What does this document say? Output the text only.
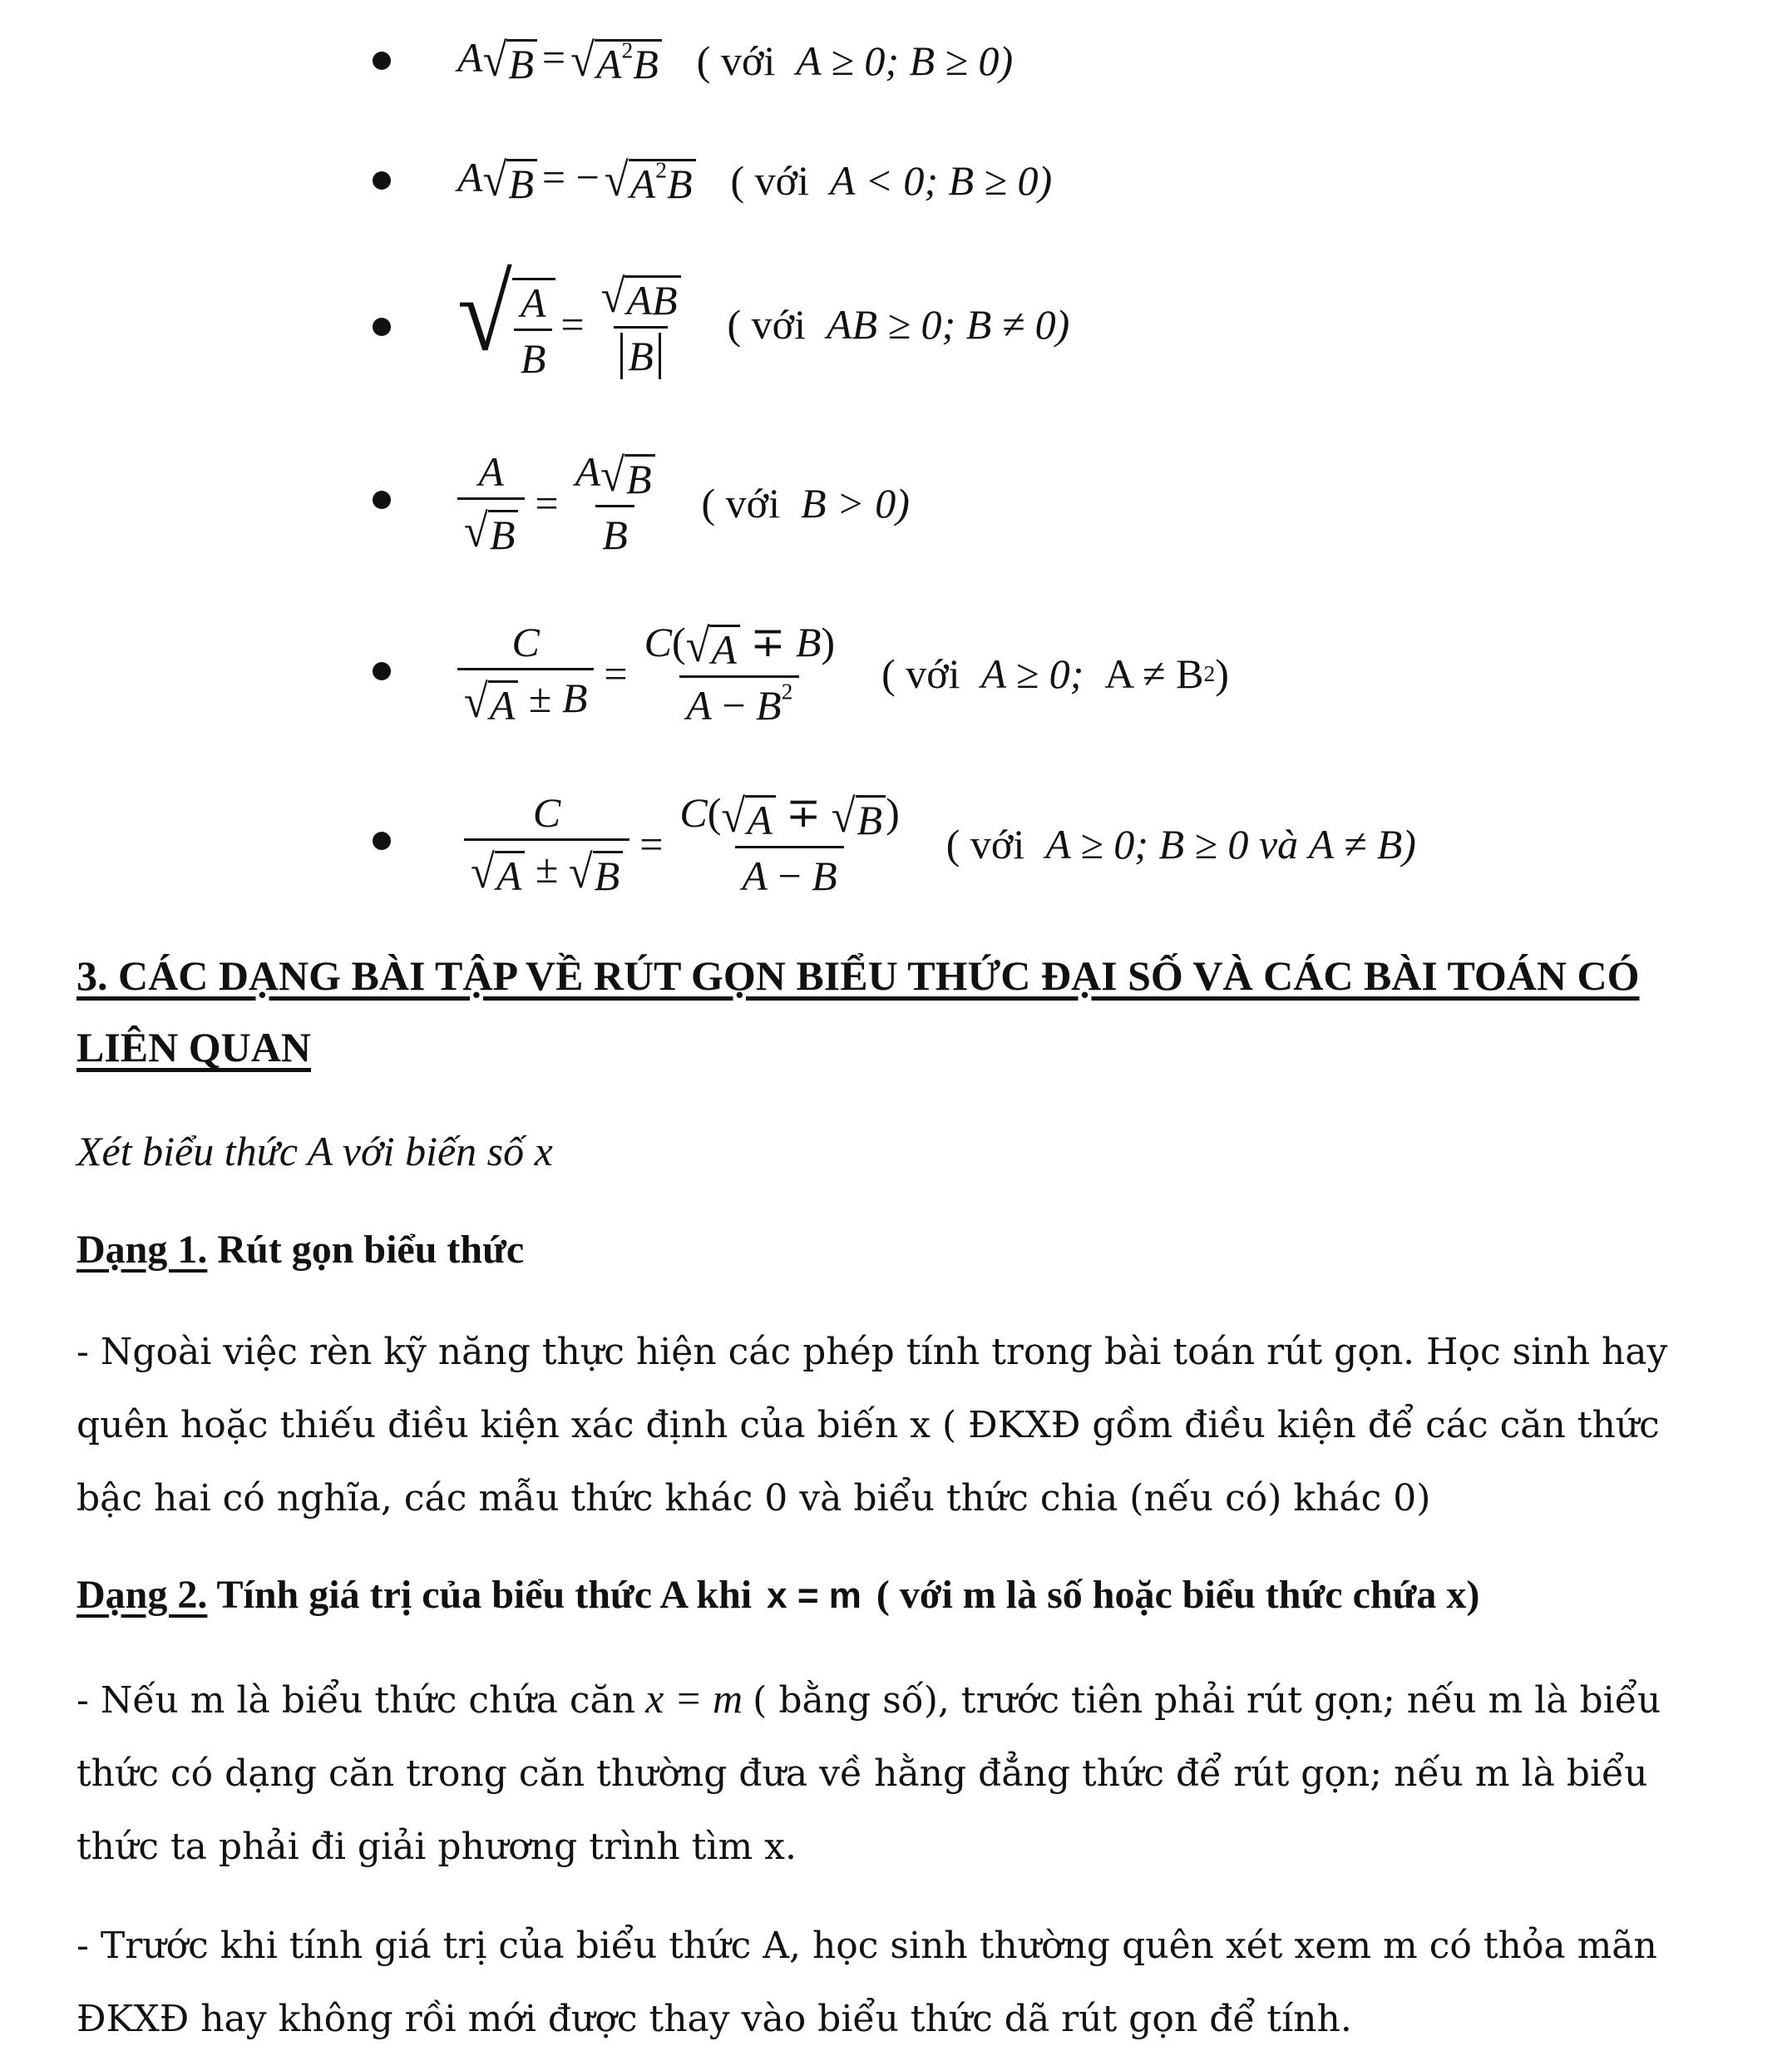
A √ B = √ $A^2B$ ( với
A ≥ 0; B ≥ 0)
A √ B = − √ $A^2B$ ( với
A < 0; B ≥ 0)
√ $\frac{A}{B} = \frac{√ AB}{B}$ ( với
AB ≥ 0; B ≠ 0)
$\frac{A}{√ B} = \frac{A √ B}{B}$ ( với
B > 0)
$\frac{C}{√ A \pm B} = \frac{C( √ A \mp B)}{A - B^2}$ ( với
A ≥ 0;
A ≠ B 2 )
$\frac{C}{√ A \pm √ B} = \frac{C( √ A \mp √ B )}{A - B}$ ( với
A ≥ 0; B ≥ 0
và
A ≠ B)
3. CÁC DẠNG BÀI TẬP VỀ RÚT GỌN BIỂU THỨC ĐẠI SỐ VÀ CÁC BÀI TOÁN CÓ LIÊN QUAN
Xét biểu thức A với biến số x
Dạng 1. Rút gọn biểu thức
- Ngoài việc rèn kỹ năng thực hiện các phép tính trong bài toán rút gọn. Học sinh hay quên hoặc thiếu điều kiện xác định của biến x ( ĐKXĐ gồm điều kiện để các căn thức bậc hai có nghĩa, các mẫu thức khác 0 và biểu thức chia (nếu có) khác 0)
Dạng 2. Tính giá trị của biểu thức A khi x = m ( với m là số hoặc biểu thức chứa x)
- Nếu m là biểu thức chứa căn x = m ( bằng số), trước tiên phải rút gọn; nếu m là biểu thức có dạng căn trong căn thường đưa về hằng đẳng thức để rút gọn; nếu m là biểu thức ta phải đi giải phương trình tìm x.
- Trước khi tính giá trị của biểu thức A, học sinh thường quên xét xem m có thỏa mãn ĐKXĐ hay không rồi mới được thay vào biểu thức dã rút gọn để tính.
